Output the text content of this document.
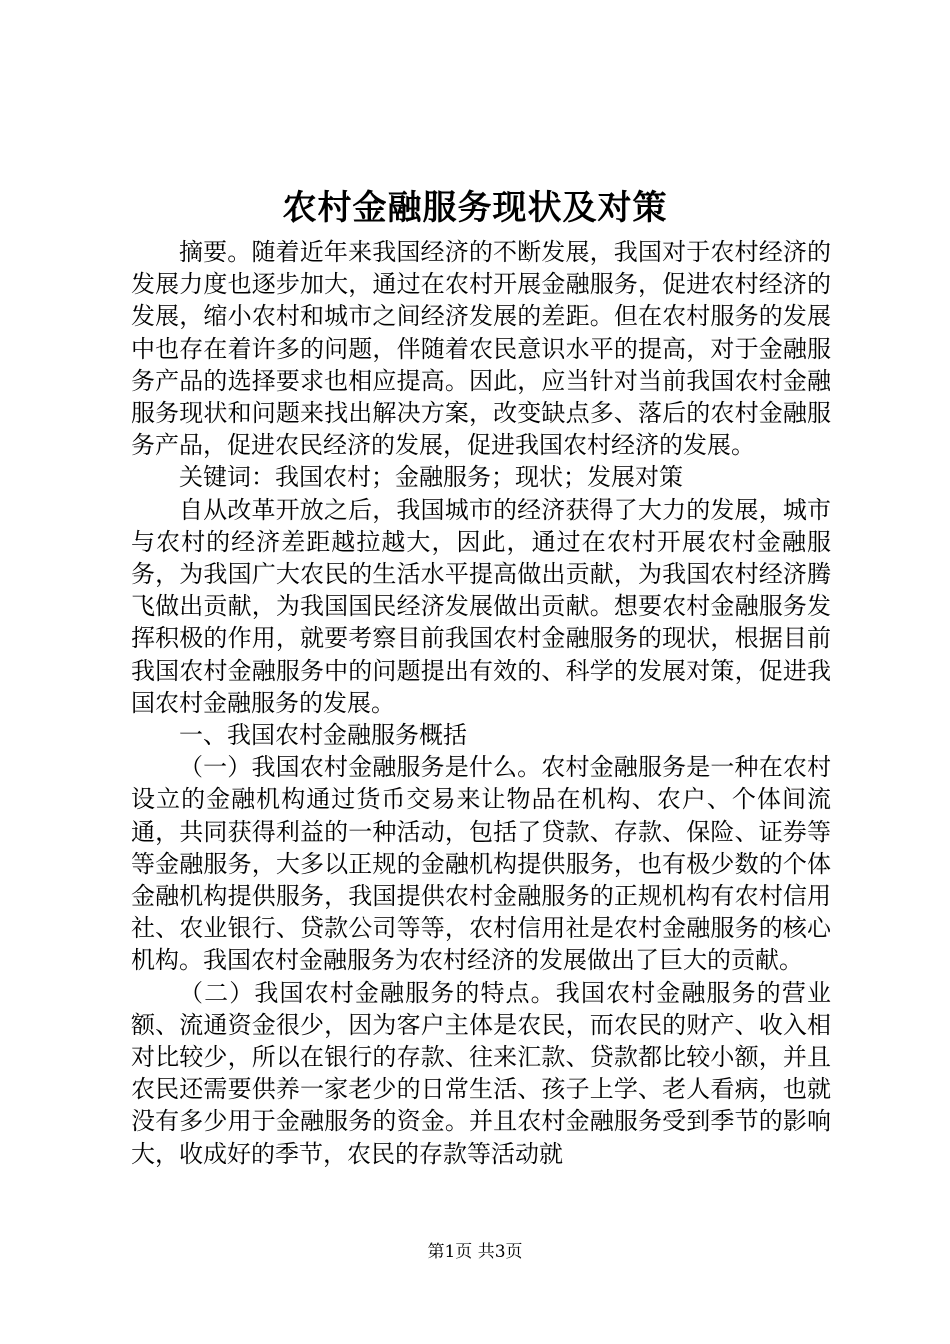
农村金融服务现状及对策

摘要。随着近年来我国经济的不断发展，我国对于农村经济的发展力度也逐步加大，通过在农村开展金融服务，促进农村经济的发展，缩小农村和城市之间经济发展的差距。但在农村服务的发展中也存在着许多的问题，伴随着农民意识水平的提高，对于金融服务产品的选择要求也相应提高。因此，应当针对当前我国农村金融服务现状和问题来找出解决方案，改变缺点多、落后的农村金融服务产品，促进农民经济的发展，促进我国农村经济的发展。

关键词：我国农村；金融服务；现状；发展对策

自从改革开放之后，我国城市的经济获得了大力的发展，城市与农村的经济差距越拉越大，因此，通过在农村开展农村金融服务，为我国广大农民的生活水平提高做出贡献，为我国农村经济腾飞做出贡献，为我国国民经济发展做出贡献。想要农村金融服务发挥积极的作用，就要考察目前我国农村金融服务的现状，根据目前我国农村金融服务中的问题提出有效的、科学的发展对策，促进我国农村金融服务的发展。

一、我国农村金融服务概括

（一）我国农村金融服务是什么。农村金融服务是一种在农村设立的金融机构通过货币交易来让物品在机构、农户、个体间流通，共同获得利益的一种活动，包括了贷款、存款、保险、证券等等金融服务，大多以正规的金融机构提供服务，也有极少数的个体金融机构提供服务，我国提供农村金融服务的正规机构有农村信用社、农业银行、贷款公司等等，农村信用社是农村金融服务的核心机构。我国农村金融服务为农村经济的发展做出了巨大的贡献。

（二）我国农村金融服务的特点。我国农村金融服务的营业额、流通资金很少，因为客户主体是农民，而农民的财产、收入相对比较少，所以在银行的存款、往来汇款、贷款都比较小额，并且农民还需要供养一家老少的日常生活、孩子上学、老人看病，也就没有多少用于金融服务的资金。并且农村金融服务受到季节的影响大，收成好的季节，农民的存款等活动就

第1页 共3页
